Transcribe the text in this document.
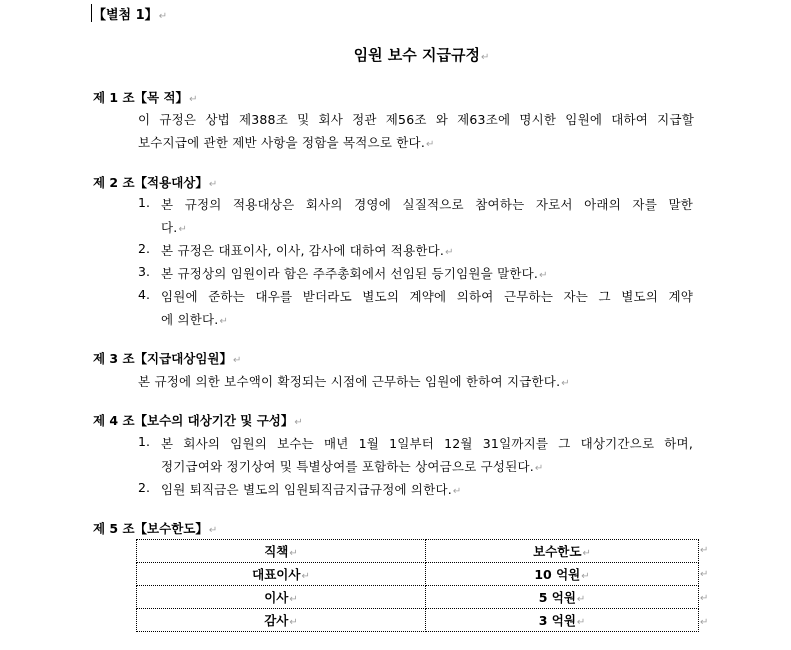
【별첨 1】↵
임원 보수 지급규정↵
제 1 조【목 적】↵
이 규정은 상법 제388조 및 회사 정관 제56조 와 제63조에 명시한 임원에 대하여 지급할
보수지급에 관한 제반 사항을 정함을 목적으로 한다.↵
제 2 조【적용대상】↵
1. 본 규정의 적용대상은 회사의 경영에 실질적으로 참여하는 자로서 아래의 자를 말한
다.↵
2. 본 규정은 대표이사, 이사, 감사에 대하여 적용한다.↵
3. 본 규정상의 임원이라 함은 주주총회에서 선임된 등기임원을 말한다.↵
4. 임원에 준하는 대우를 받더라도 별도의 계약에 의하여 근무하는 자는 그 별도의 계약
에 의한다.↵
제 3 조【지급대상임원】↵
본 규정에 의한 보수액이 확정되는 시점에 근무하는 임원에 한하여 지급한다.↵
제 4 조【보수의 대상기간 및 구성】↵
1. 본 회사의 임원의 보수는 매년 1월 1일부터 12월 31일까지를 그 대상기간으로 하며,
정기급여와 정기상여 및 특별상여를 포함하는 상여금으로 구성된다.↵
2. 임원 퇴직금은 별도의 임원퇴직금지급규정에 의한다.↵
제 5 조【보수한도】↵
직책↵	보수한도↵
대표이사↵	10 억원↵
이사↵	5 억원↵
감사↵	3 억원↵
↵
↵
↵
↵
